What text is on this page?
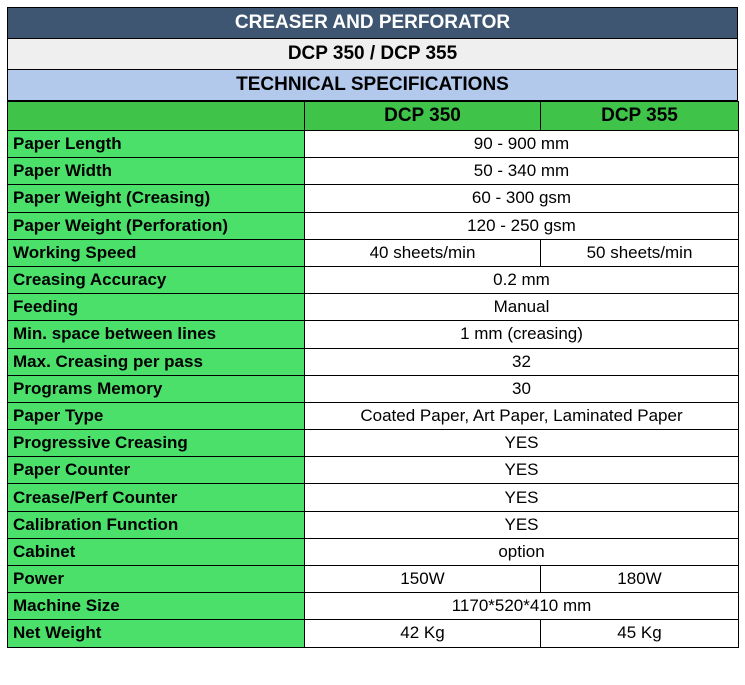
CREASER AND PERFORATOR
DCP 350 / DCP 355
TECHNICAL SPECIFICATIONS
	DCP 350	DCP 355
Paper Length	90 - 900 mm	
Paper Width	50 - 340 mm	
Paper Weight (Creasing)	60 - 300 gsm	
Paper Weight (Perforation)	120 - 250 gsm	
Working Speed	40 sheets/min	50 sheets/min
Creasing Accuracy	0.2 mm	
Feeding	Manual	
Min. space between lines	1 mm (creasing)	
Max. Creasing per pass	32	
Programs Memory	30	
Paper Type	Coated Paper, Art Paper, Laminated Paper	
Progressive Creasing	YES	
Paper Counter	YES	
Crease/Perf Counter	YES	
Calibration Function	YES	
Cabinet	option	
Power	150W	180W
Machine Size	1170*520*410 mm	
Net Weight	42 Kg	45 Kg
